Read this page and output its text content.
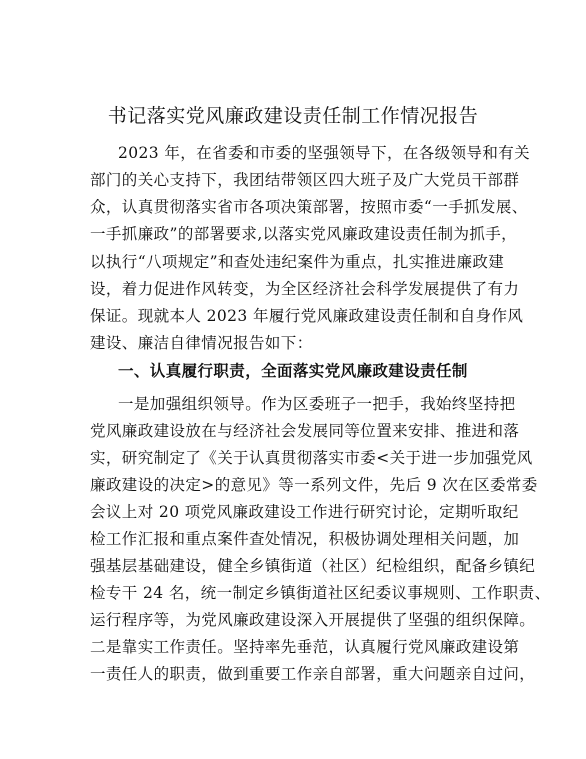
书记落实党风廉政建设责任制工作情况报告
2023 年，在省委和市委的坚强领导下，在各级领导和有关
部门的关心支持下，我团结带领区四大班子及广大党员干部群
众，认真贯彻落实省市各项决策部署，按照市委“一手抓发展、
一手抓廉政”的部署要求,以落实党风廉政建设责任制为抓手，
以执行“八项规定”和查处违纪案件为重点，扎实推进廉政建
设，着力促进作风转变，为全区经济社会科学发展提供了有力
保证。现就本人 2023 年履行党风廉政建设责任制和自身作风
建设、廉洁自律情况报告如下：
一、认真履行职责，全面落实党风廉政建设责任制
一是加强组织领导。作为区委班子一把手，我始终坚持把
党风廉政建设放在与经济社会发展同等位置来安排、推进和落
实，研究制定了《关于认真贯彻落实市委<关于进一步加强党风
廉政建设的决定>的意见》等一系列文件，先后 9 次在区委常委
会议上对 20 项党风廉政建设工作进行研究讨论，定期听取纪
检工作汇报和重点案件查处情况，积极协调处理相关问题，加
强基层基础建设，健全乡镇街道（社区）纪检组织，配备乡镇纪
检专干 24 名，统一制定乡镇街道社区纪委议事规则、工作职责、
运行程序等，为党风廉政建设深入开展提供了坚强的组织保障。
二是靠实工作责任。坚持率先垂范，认真履行党风廉政建设第
一责任人的职责，做到重要工作亲自部署，重大问题亲自过问，
